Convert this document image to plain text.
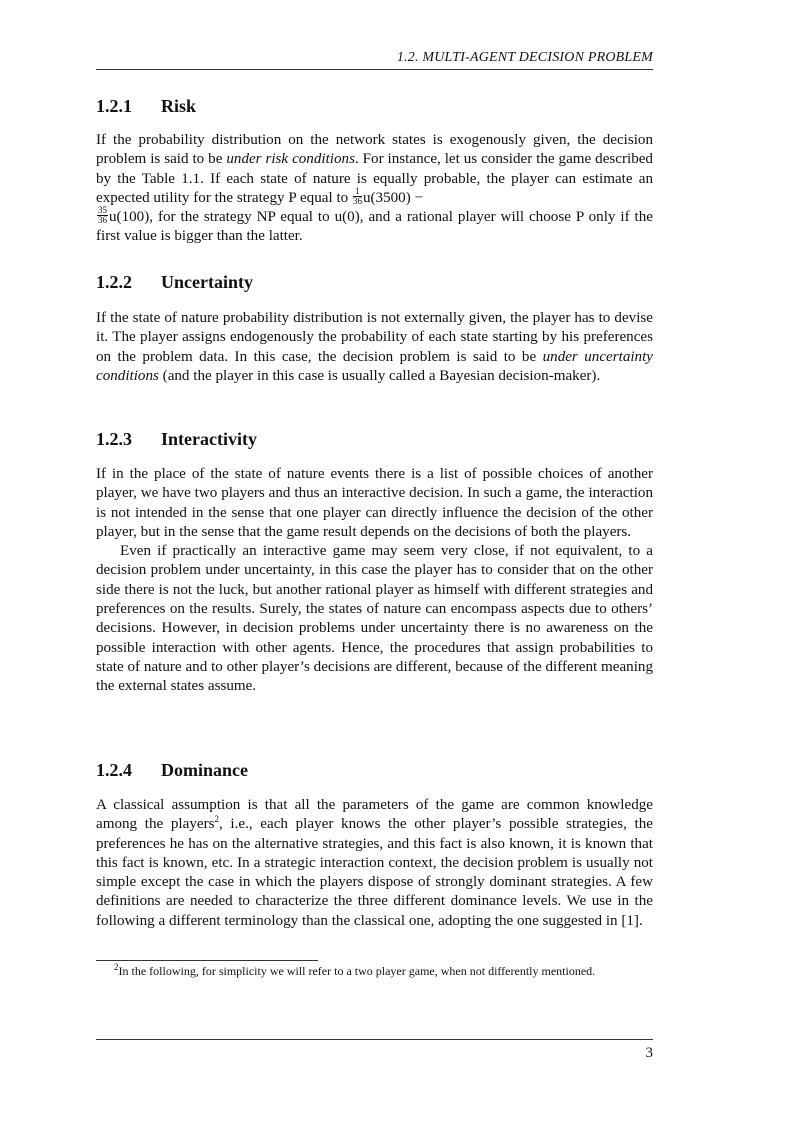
1.2. MULTI-AGENT DECISION PROBLEM
1.2.1 Risk

If the probability distribution on the network states is exogenously given, the decision problem is said to be under risk conditions. For instance, let us consider the game described by the Table 1.1. If each state of nature is equally probable, the player can estimate an expected utility for the strategy P equal to $\frac{1}{36} u(3500)$ −

$\frac{35}{36} u(100)$, for the strategy NP equal to u(0), and a rational player will choose P only if the first value is bigger than the latter.

1.2.2 Uncertainty

If the state of nature probability distribution is not externally given, the player has to devise it. The player assigns endogenously the probability of each state starting by his preferences on the problem data. In this case, the decision problem is said to be under uncertainty conditions (and the player in this case is usually called a Bayesian decision-maker).

1.2.3 Interactivity

If in the place of the state of nature events there is a list of possible choices of another player, we have two players and thus an interactive decision. In such a game, the interaction is not intended in the sense that one player can directly influence the decision of the other player, but in the sense that the game result depends on the decisions of both the players.

Even if practically an interactive game may seem very close, if not equivalent, to a decision problem under uncertainty, in this case the player has to consider that on the other side there is not the luck, but another rational player as himself with different strategies and preferences on the results. Surely, the states of nature can encompass aspects due to others’ decisions. However, in decision problems under uncertainty there is no awareness on the possible interaction with other agents. Hence, the procedures that assign probabilities to state of nature and to other player’s decisions are different, because of the different meaning the external states assume.

1.2.4 Dominance

A classical assumption is that all the parameters of the game are common knowledge among the players$^2$, i.e., each player knows the other player’s possible strategies, the preferences he has on the alternative strategies, and this fact is also known, it is known that this fact is known, etc. In a strategic interaction context, the decision problem is usually not simple except the case in which the players dispose of strongly dominant strategies. A few definitions are needed to characterize the three different dominance levels. We use in the following a different terminology than the classical one, adopting the one suggested in [1].

$^2$In the following, for simplicity we will refer to a two player game, when not differently mentioned.
3
